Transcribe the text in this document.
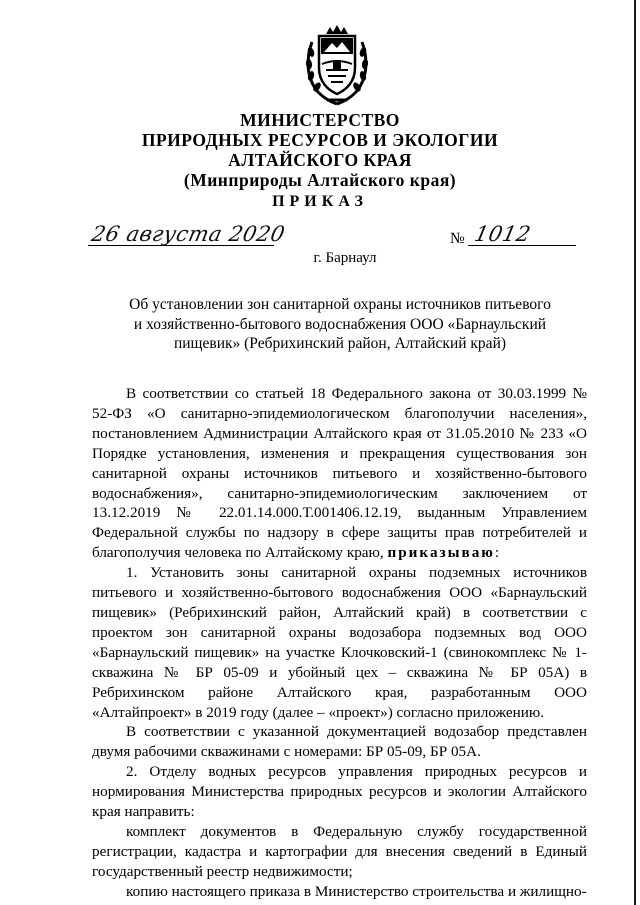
МИНИСТЕРСТВО
ПРИРОДНЫХ РЕСУРСОВ И ЭКОЛОГИИ
АЛТАЙСКОГО КРАЯ
(Минприроды Алтайского края)
ПРИКАЗ
26 августа 2020	№ 1012
г. Барнаул
Об установлении зон санитарной охраны источников питьевого
и хозяйственно-бытового водоснабжения ООО «Барнаульский
пищевик» (Ребрихинский район, Алтайский край)

В соответствии со статьей 18 Федерального закона от 30.03.1999 № 52-ФЗ «О санитарно-эпидемиологическом благополучии населения», постановлением Администрации Алтайского края от 31.05.2010 № 233 «О Порядке установления, изменения и прекращения существования зон санитарной охраны источников питьевого и хозяйственно-бытового водоснабжения», санитарно-эпидемиологическим заключением от 13.12.2019 № 22.01.14.000.Т.001406.12.19, выданным Управлением Федеральной службы по надзору в сфере защиты прав потребителей и благополучия человека по Алтайскому краю, приказываю:

1. Установить зоны санитарной охраны подземных источников питьевого и хозяйственно-бытового водоснабжения ООО «Барнаульский пищевик» (Ребрихинский район, Алтайский край) в соответствии с проектом зон санитарной охраны водозабора подземных вод ООО «Барнаульский пищевик» на участке Клочковский-1 (свинокомплекс № 1-скважина № БР 05-09 и убойный цех – скважина № БР 05А) в Ребрихинском районе Алтайского края, разработанным ООО «Алтайпроект» в 2019 году (далее – «проект») согласно приложению.

В соответствии с указанной документацией водозабор представлен двумя рабочими скважинами с номерами: БР 05-09, БР 05А.

2. Отделу водных ресурсов управления природных ресурсов и нормирования Министерства природных ресурсов и экологии Алтайского края направить:

комплект документов в Федеральную службу государственной регистрации, кадастра и картографии для внесения сведений в Единый государственный реестр недвижимости;

копию настоящего приказа в Министерство строительства и жилищно-
